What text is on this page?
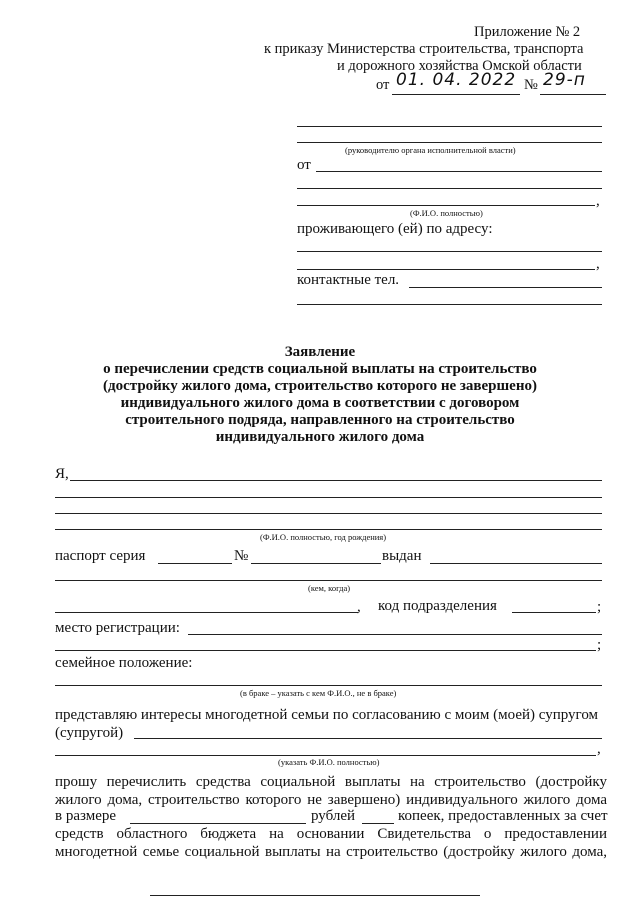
Приложение № 2
к приказу Министерства строительства, транспорта
и дорожного хозяйства Омской области
от 01. 04. 2022 № 29-п
(руководителю органа исполнительной власти)
от
,
(Ф.И.О. полностью)
проживающего (ей) по адресу:
,
контактные тел.
Заявление
о перечислении средств социальной выплаты на строительство
(достройку жилого дома, строительство которого не завершено)
индивидуального жилого дома в соответствии с договором
строительного подряда, направленного на строительство
индивидуального жилого дома
Я,
(Ф.И.О. полностью, год рождения)
паспорт серия	№	выдан
(кем, когда)
, код подразделения	;
место регистрации:
;
семейное положение:
(в браке – указать с кем Ф.И.О., не в браке)
представляю интересы многодетной семьи по согласованию с моим (моей) супругом
(супругой)
,
(указать Ф.И.О. полностью)
прошу перечислить средства социальной выплаты на строительство (достройку
жилого дома, строительство которого не завершено) индивидуального жилого дома
в размере	рублей	копеек, предоставленных за счет
средств областного бюджета на основании Свидетельства о предоставлении
многодетной семье социальной выплаты на строительство (достройку жилого дома,
